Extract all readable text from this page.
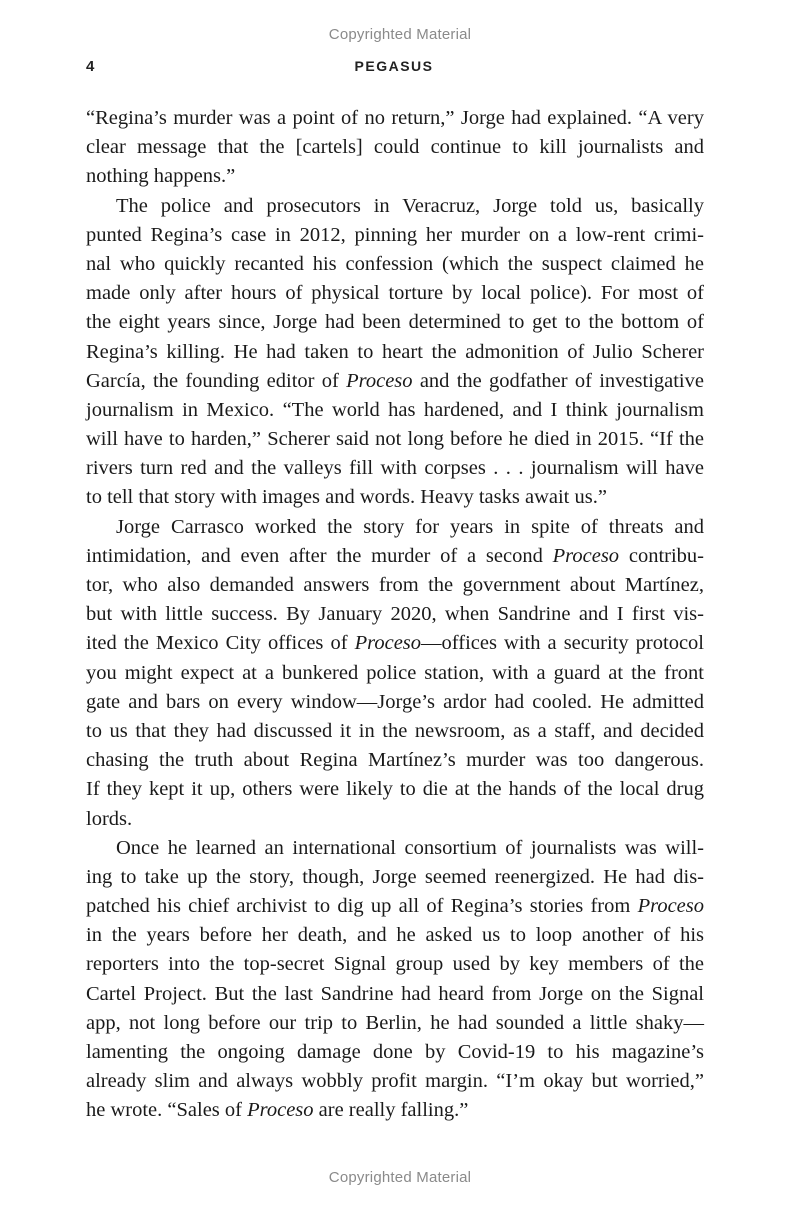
Copyrighted Material
4	PEGASUS
“Regina’s murder was a point of no return,” Jorge had explained. “A very
clear message that the [cartels] could continue to kill journalists and
nothing happens.”
The police and prosecutors in Veracruz, Jorge told us, basically
punted Regina’s case in 2012, pinning her murder on a low-rent crimi-
nal who quickly recanted his confession (which the suspect claimed he
made only after hours of physical torture by local police). For most of
the eight years since, Jorge had been determined to get to the bottom of
Regina’s killing. He had taken to heart the admonition of Julio Scherer
García, the founding editor of Proceso and the godfather of investigative
journalism in Mexico. “The world has hardened, and I think journalism
will have to harden,” Scherer said not long before he died in 2015. “If the
rivers turn red and the valleys fill with corpses . . . journalism will have
to tell that story with images and words. Heavy tasks await us.”
Jorge Carrasco worked the story for years in spite of threats and
intimidation, and even after the murder of a second Proceso contribu-
tor, who also demanded answers from the government about Martínez,
but with little success. By January 2020, when Sandrine and I first vis-
ited the Mexico City offices of Proceso—offices with a security protocol
you might expect at a bunkered police station, with a guard at the front
gate and bars on every window—Jorge’s ardor had cooled. He admitted
to us that they had discussed it in the newsroom, as a staff, and decided
chasing the truth about Regina Martínez’s murder was too dangerous.
If they kept it up, others were likely to die at the hands of the local drug
lords.
Once he learned an international consortium of journalists was will-
ing to take up the story, though, Jorge seemed reenergized. He had dis-
patched his chief archivist to dig up all of Regina’s stories from Proceso
in the years before her death, and he asked us to loop another of his
reporters into the top-secret Signal group used by key members of the
Cartel Project. But the last Sandrine had heard from Jorge on the Signal
app, not long before our trip to Berlin, he had sounded a little shaky—
lamenting the ongoing damage done by Covid-19 to his magazine’s
already slim and always wobbly profit margin. “I’m okay but worried,”
he wrote. “Sales of Proceso are really falling.”
Copyrighted Material
